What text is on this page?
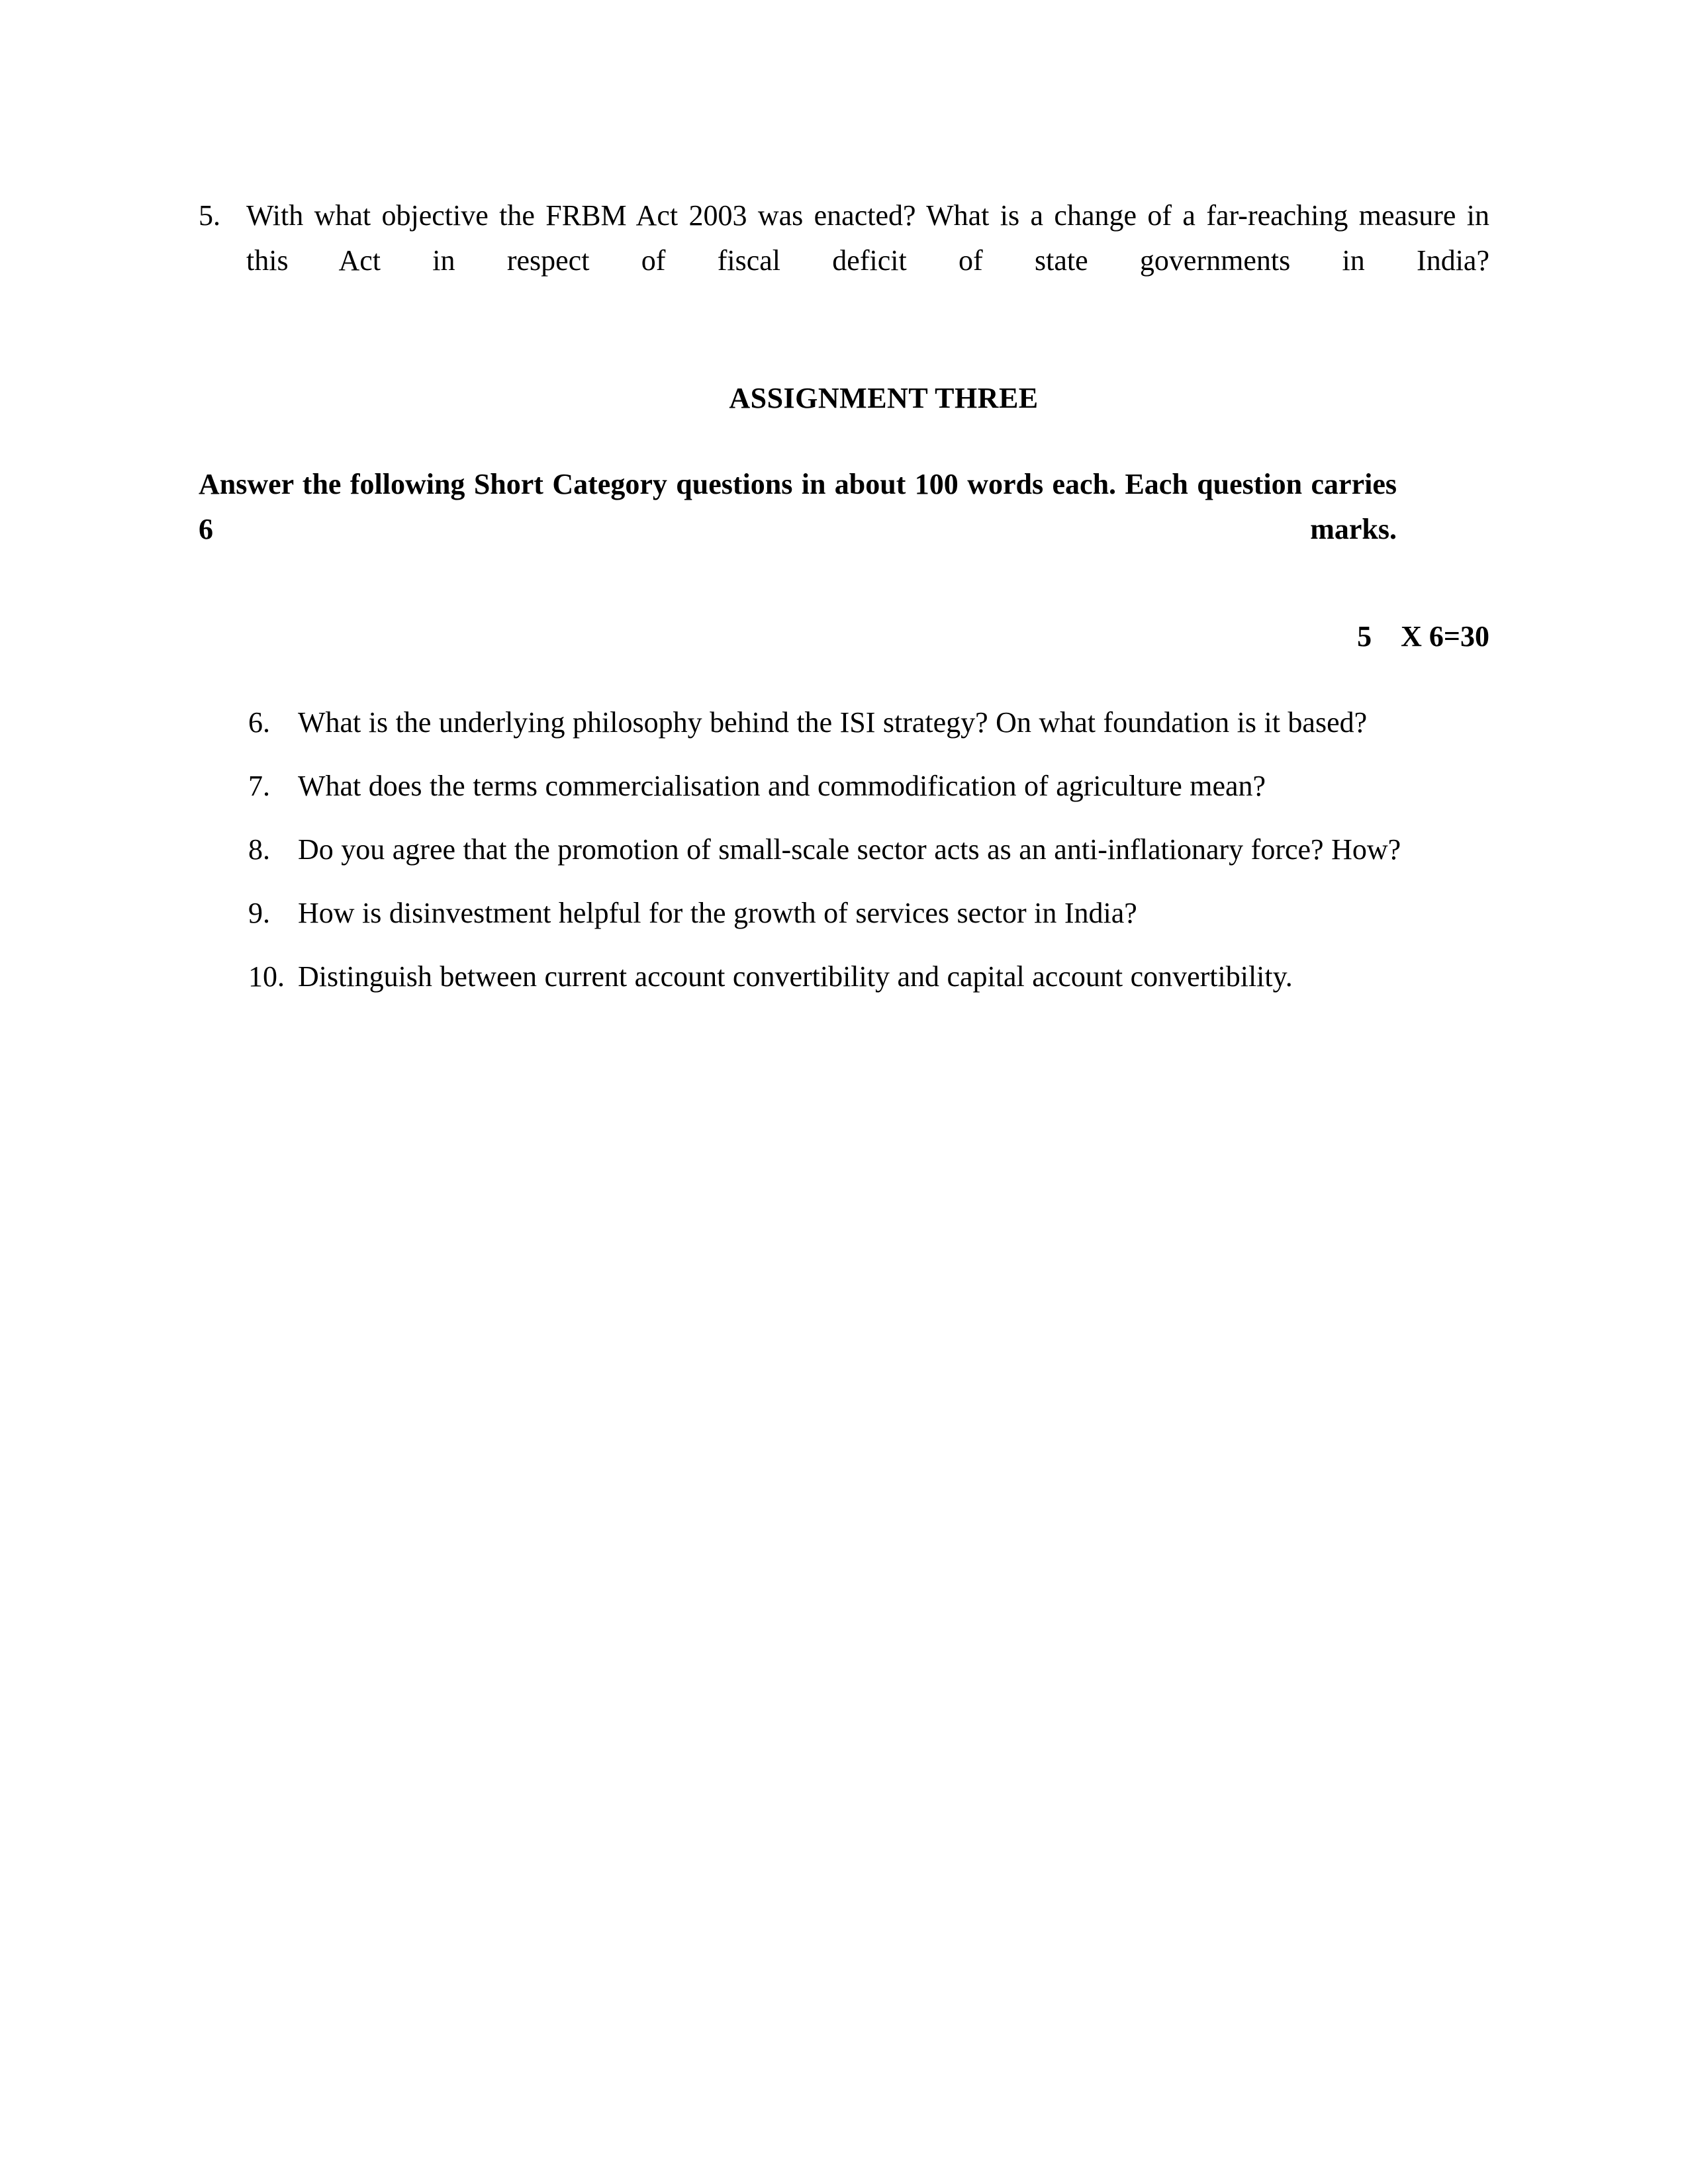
5. With what objective the FRBM Act 2003 was enacted? What is a change of a far-reaching measure in this Act in respect of fiscal deficit of state governments in India?
ASSIGNMENT THREE
Answer the following Short Category questions in about 100 words each. Each question carries 6 marks.
5    X 6=30
6. What is the underlying philosophy behind the ISI strategy? On what foundation is it based?
7. What does the terms commercialisation and commodification of agriculture mean?
8. Do you agree that the promotion of small-scale sector acts as an anti-inflationary force? How?
9. How is disinvestment helpful for the growth of services sector in India?
10. Distinguish between current account convertibility and capital account convertibility.
